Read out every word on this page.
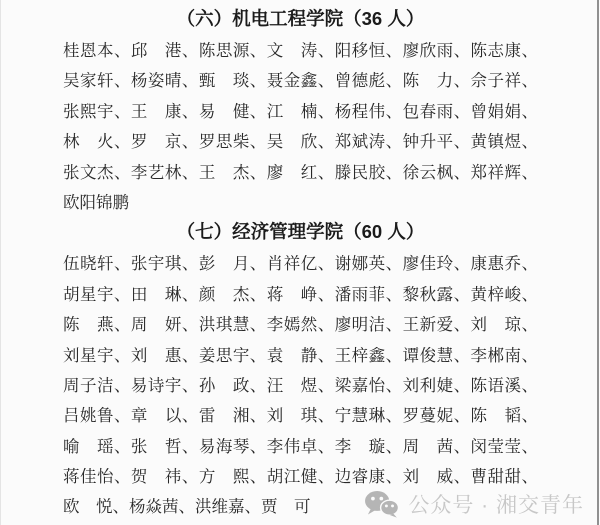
（六）机电工程学院（36 人）
桂恩本、邱　港、陈思源、文　涛、阳移恒、廖欣雨、陈志康、
吴家轩、杨姿晴、甄　琰、聂金鑫、曾德彪、陈　力、佘子祥、
张熙宇、王　康、易　健、江　楠、杨程伟、包春雨、曾娟娟、
林　火、罗　京、罗思柴、吴　欣、郑斌涛、钟升平、黄镇煜、
张文杰、李艺林、王　杰、廖　红、滕民胶、徐云枫、郑祥辉、
欧阳锦鹏
（七）经济管理学院（60 人）
伍晓轩、张宇琪、彭　月、肖祥亿、谢娜英、廖佳玲、康惠乔、
胡星宇、田　琳、颜　杰、蒋　峥、潘雨菲、黎秋露、黄梓峻、
陈　燕、周　妍、洪琪慧、李嫣然、廖明洁、王新爱、刘　琼、
刘星宇、刘　惠、姜思宇、袁　静、王梓鑫、谭俊慧、李郴南、
周子洁、易诗宇、孙　政、汪　煜、梁嘉怡、刘利婕、陈语溪、
吕姚鲁、章　以、雷　湘、刘　琪、宁慧琳、罗蔓妮、陈　韬、
喻　瑶、张　哲、易海琴、李伟卓、李　璇、周　茜、闵莹莹、
蒋佳怡、贺　祎、方　熙、胡江健、边睿康、刘　威、曹甜甜、
欧　悦、杨焱茜、洪维嘉、贾　可	公众号 · 湘交青年
